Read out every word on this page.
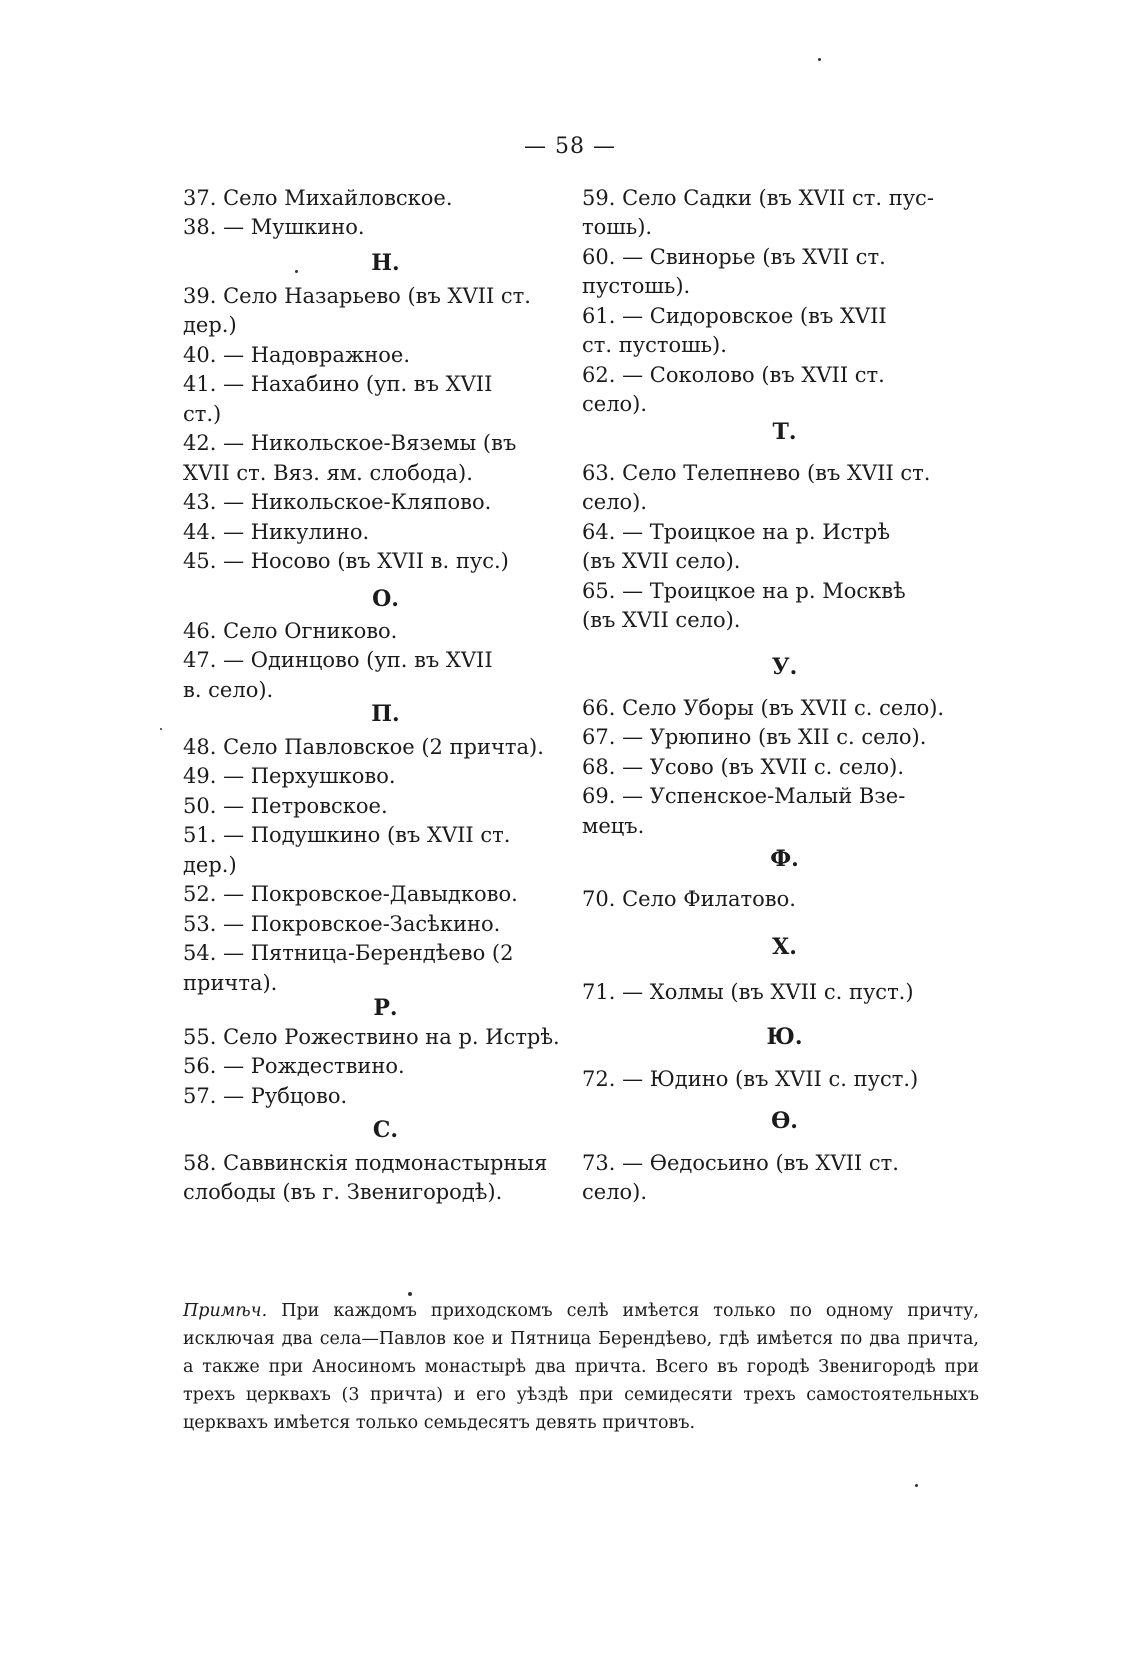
— 58 —
37. Село Михайловское.
38. — Мушкино.
Н.
39. Село Назарьево (въ XVII ст.
дер.)
40. — Надовражное.
41. — Нахабино (уп. въ XVII
ст.)
42. — Никольское-Вяземы (въ
XVII ст. Вяз. ям. слобода).
43. — Никольское-Кляпово.
44. — Никулино.
45. — Носово (въ XVII в. пус.)
О.
46. Село Огниково.
47. — Одинцово (уп. въ XVII
в. село).
П.
48. Село Павловское (2 причта).
49. — Перхушково.
50. — Петровское.
51. — Подушкино (въ XVII ст.
дер.)
52. — Покровское-Давыдково.
53. — Покровское-Засѣкино.
54. — Пятница-Берендѣево (2
причта).
Р.
55. Село Рожествино на р. Истрѣ.
56. — Рождествино.
57. — Рубцово.
С.
58. Саввинскія подмонастырныя
слободы (въ г. Звенигородѣ).
59. Село Садки (въ XVII ст. пус-
тошь).
60. — Свинорье (въ XVII ст.
пустошь).
61. — Сидоровское (въ XVII
ст. пустошь).
62. — Соколово (въ XVII ст.
село).
Т.
63. Село Телепнево (въ XVII ст.
село).
64. — Троицкое на р. Истрѣ
(въ XVII село).
65. — Троицкое на р. Москвѣ
(въ XVII село).
У.
66. Село Уборы (въ XVII с. село).
67. — Урюпино (въ XII с. село).
68. — Усово (въ XVII с. село).
69. — Успенское-Малый Взе-
мецъ.
Ф.
70. Село Филатово.
Х.
71. — Холмы (въ XVII с. пуст.)
Ю.
72. — Юдино (въ XVII с. пуст.)
Ѳ.
73. — Ѳедосьино (въ XVII ст.
село).
Примѣч. При каждомъ приходскомъ селѣ имѣется только по одному причту, исключая два села—Павлов кое и Пятница Берендѣево, гдѣ имѣется по два причта, а также при Аносиномъ монастырѣ два причта. Всего въ городѣ Звенигородѣ при трехъ церквахъ (3 причта) и его уѣздѣ при семидесяти трехъ самостоятельныхъ церквахъ имѣется только семьдесятъ девять причтовъ.
